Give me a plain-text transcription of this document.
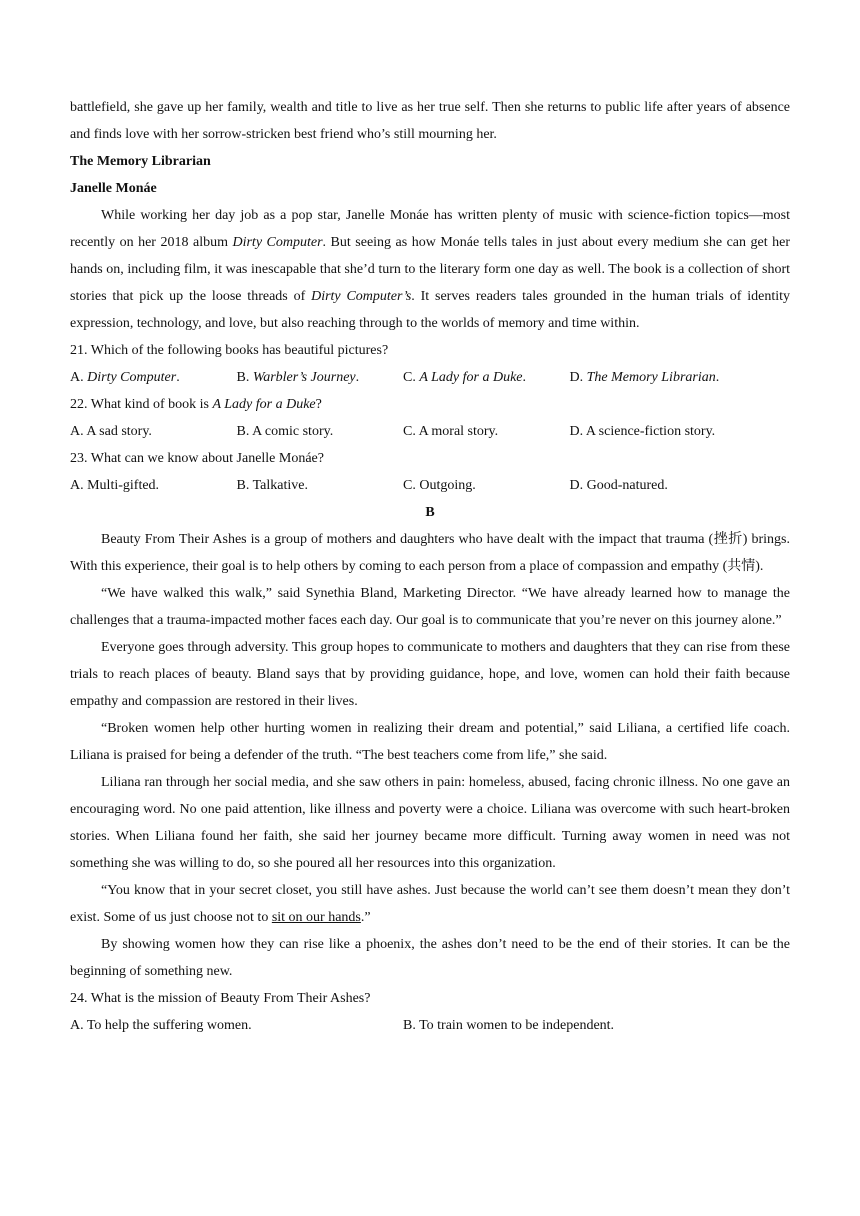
battlefield, she gave up her family, wealth and title to live as her true self. Then she returns to public life after years of absence and finds love with her sorrow-stricken best friend who’s still mourning her.

The Memory Librarian

Janelle Monáe

While working her day job as a pop star, Janelle Monáe has written plenty of music with science-fiction topics—most recently on her 2018 album Dirty Computer. But seeing as how Monáe tells tales in just about every medium she can get her hands on, including film, it was inescapable that she’d turn to the literary form one day as well. The book is a collection of short stories that pick up the loose threads of Dirty Computer’s. It serves readers tales grounded in the human trials of identity expression, technology, and love, but also reaching through to the worlds of memory and time within.

21. Which of the following books has beautiful pictures?

A. Dirty Computer.	B. Warbler’s Journey.	C. A Lady for a Duke.	D. The Memory Librarian.

22. What kind of book is A Lady for a Duke?

A. A sad story.	B. A comic story.	C. A moral story.	D. A science-fiction story.

23. What can we know about Janelle Monáe?

A. Multi-gifted.	B. Talkative.	C. Outgoing.	D. Good-natured.

B

Beauty From Their Ashes is a group of mothers and daughters who have dealt with the impact that trauma (挫折) brings. With this experience, their goal is to help others by coming to each person from a place of compassion and empathy (共情).

“We have walked this walk,” said Synethia Bland, Marketing Director. “We have already learned how to manage the challenges that a trauma-impacted mother faces each day. Our goal is to communicate that you’re never on this journey alone.”

Everyone goes through adversity. This group hopes to communicate to mothers and daughters that they can rise from these trials to reach places of beauty. Bland says that by providing guidance, hope, and love, women can hold their faith because empathy and compassion are restored in their lives.

“Broken women help other hurting women in realizing their dream and potential,” said Liliana, a certified life coach. Liliana is praised for being a defender of the truth. “The best teachers come from life,” she said.

Liliana ran through her social media, and she saw others in pain: homeless, abused, facing chronic illness. No one gave an encouraging word. No one paid attention, like illness and poverty were a choice. Liliana was overcome with such heart-broken stories. When Liliana found her faith, she said her journey became more difficult. Turning away women in need was not something she was willing to do, so she poured all her resources into this organization.

“You know that in your secret closet, you still have ashes. Just because the world can’t see them doesn’t mean they don’t exist. Some of us just choose not to sit on our hands.”

By showing women how they can rise like a phoenix, the ashes don’t need to be the end of their stories. It can be the beginning of something new.

24. What is the mission of Beauty From Their Ashes?

A. To help the suffering women.	B. To train women to be independent.
